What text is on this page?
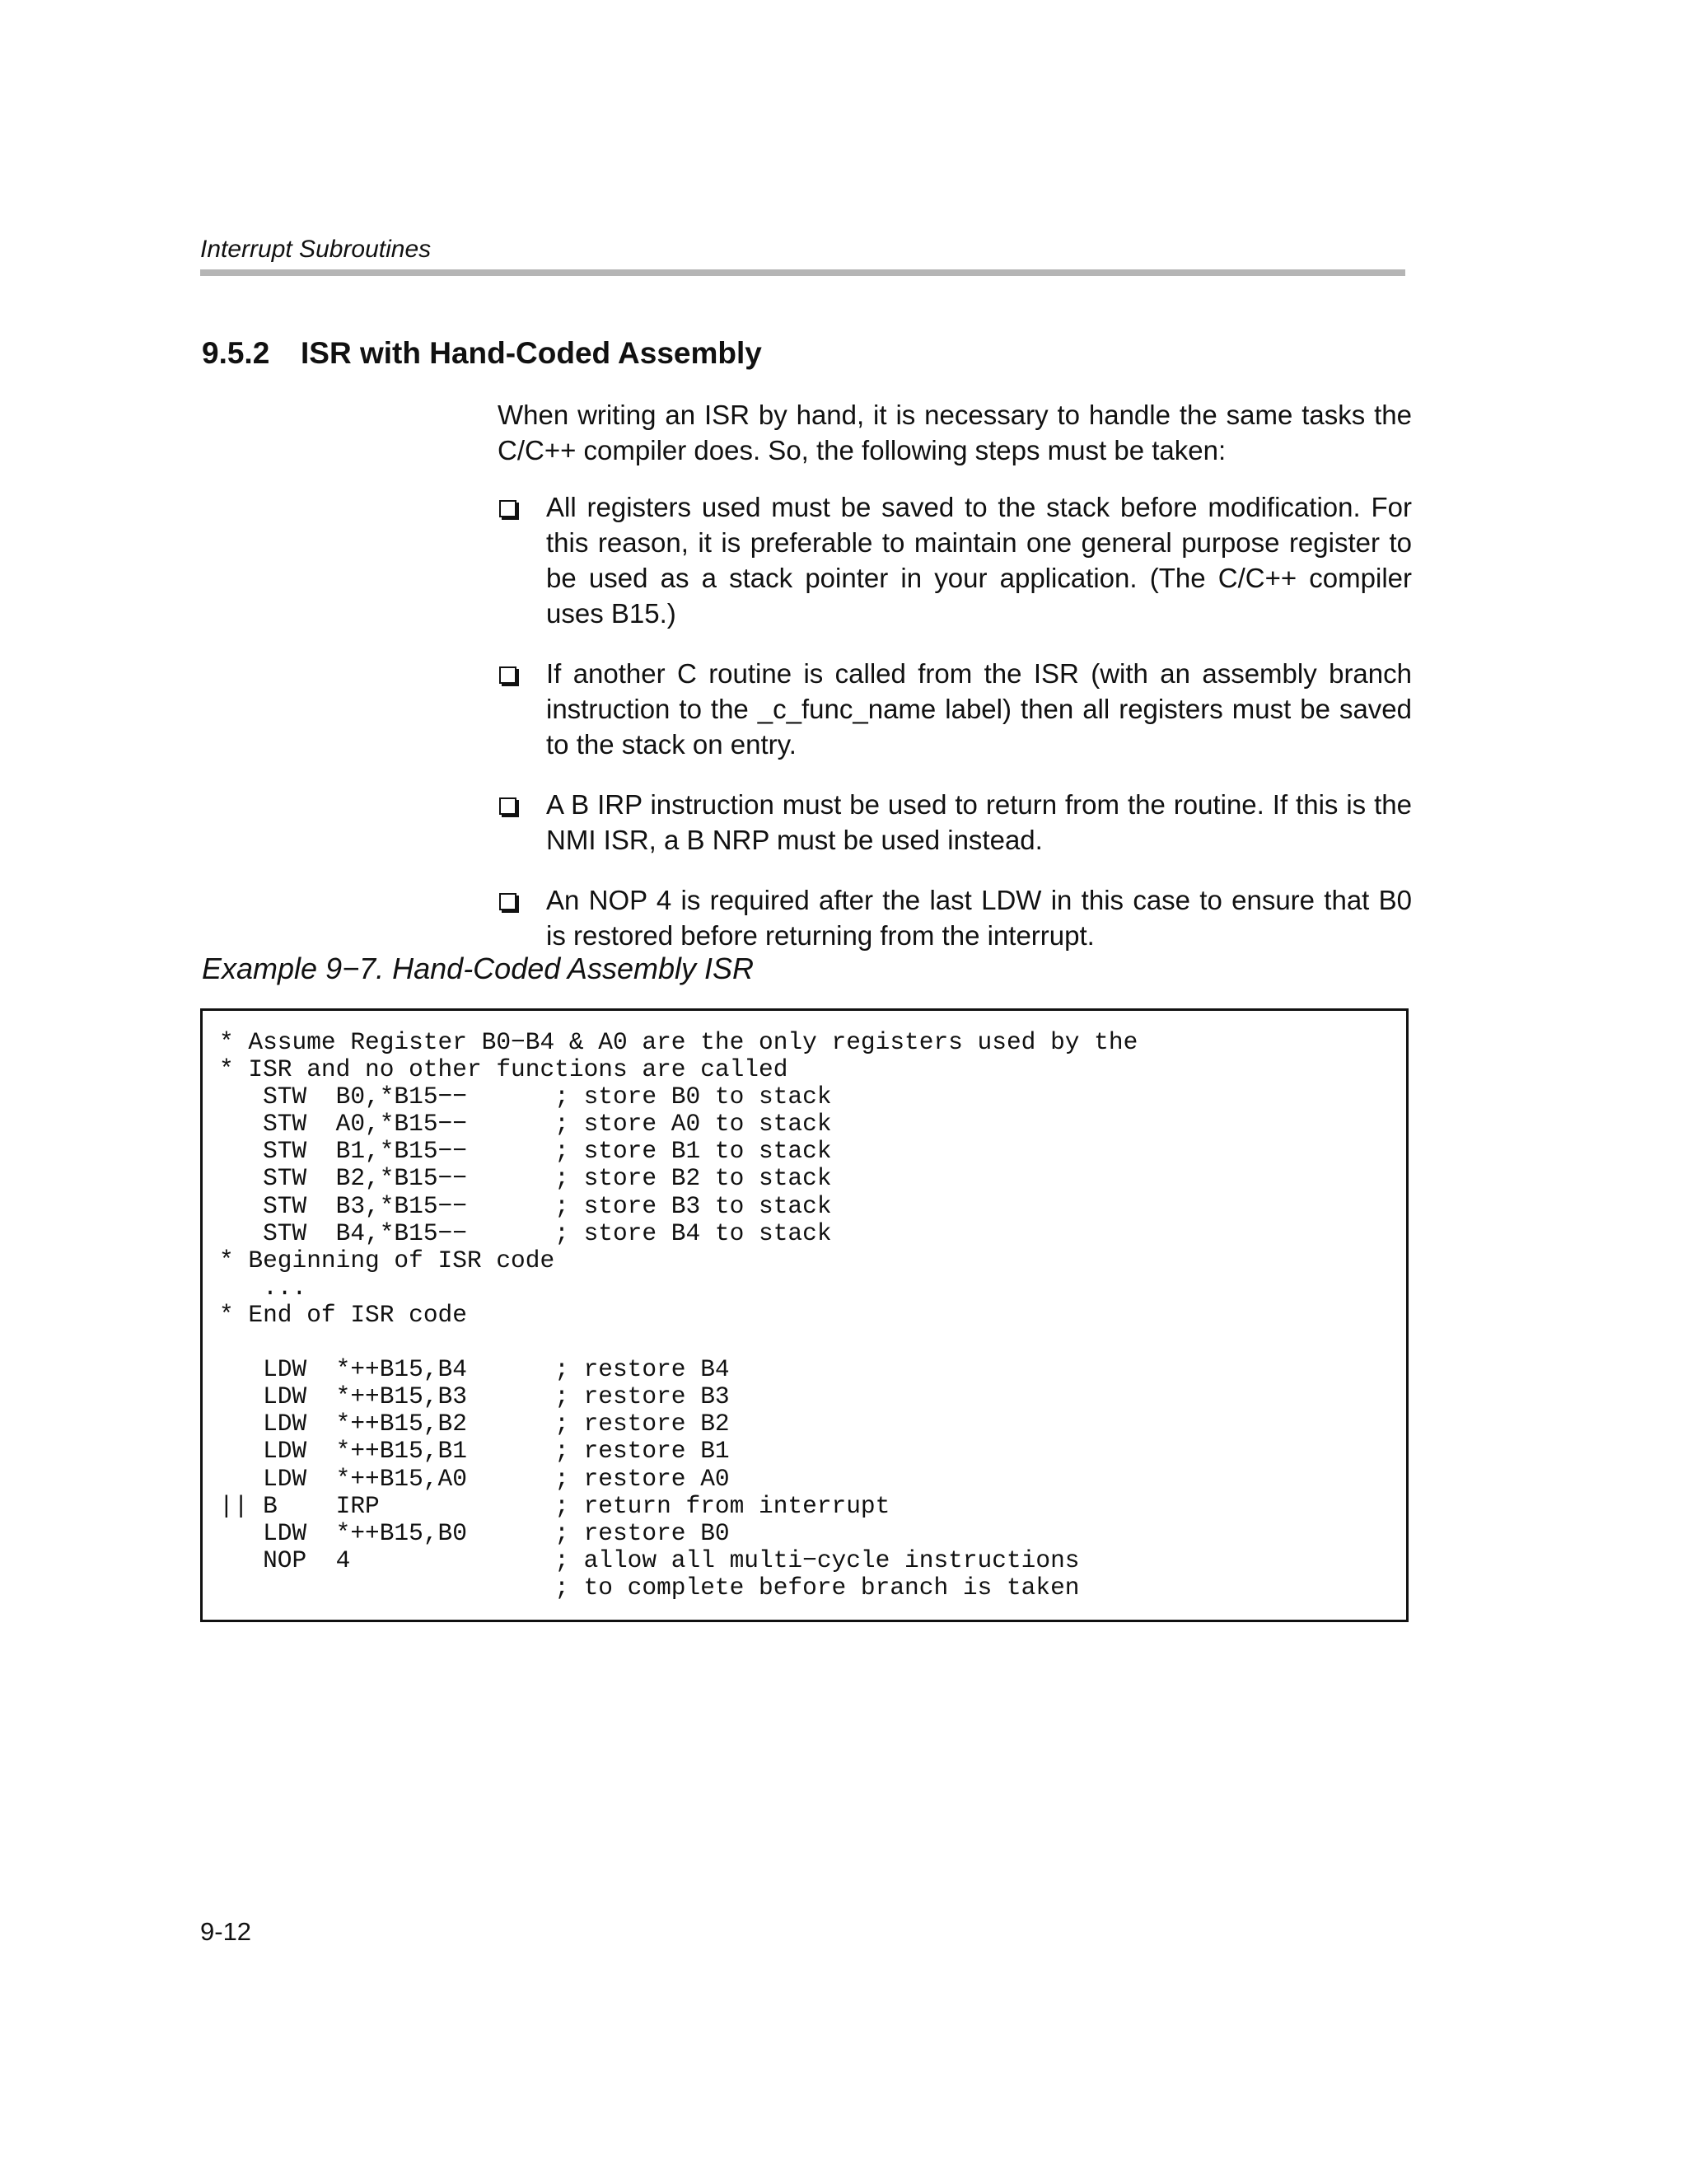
Interrupt Subroutines
9.5.2 ISR with Hand-Coded Assembly

When writing an ISR by hand, it is necessary to handle the same tasks the C/C++ compiler does. So, the following steps must be taken:

All registers used must be saved to the stack before modification. For this reason, it is preferable to maintain one general purpose register to be used as a stack pointer in your application. (The C/C++ compiler uses B15.)
If another C routine is called from the ISR (with an assembly branch instruction to the _c_func_name label) then all registers must be saved to the stack on entry.
A B IRP instruction must be used to return from the routine. If this is the NMI ISR, a B NRP must be used instead.
An NOP 4 is required after the last LDW in this case to ensure that B0 is restored before returning from the interrupt.
Example 9−7. Hand-Coded Assembly ISR
* Assume Register B0−B4 & A0 are the only registers used by the
* ISR and no other functions are called
STW  B0,*B15−−      ; store B0 to stack
STW  A0,*B15−−      ; store A0 to stack
STW  B1,*B15−−      ; store B1 to stack
STW  B2,*B15−−      ; store B2 to stack
STW  B3,*B15−−      ; store B3 to stack
STW  B4,*B15−−      ; store B4 to stack
* Beginning of ISR code
...
* End of ISR code

LDW  *++B15,B4      ; restore B4
LDW  *++B15,B3      ; restore B3
LDW  *++B15,B2      ; restore B2
LDW  *++B15,B1      ; restore B1
LDW  *++B15,A0      ; restore A0
|| B    IRP            ; return from interrupt
LDW  *++B15,B0      ; restore B0
NOP  4              ; allow all multi−cycle instructions
; to complete before branch is taken

9-12
